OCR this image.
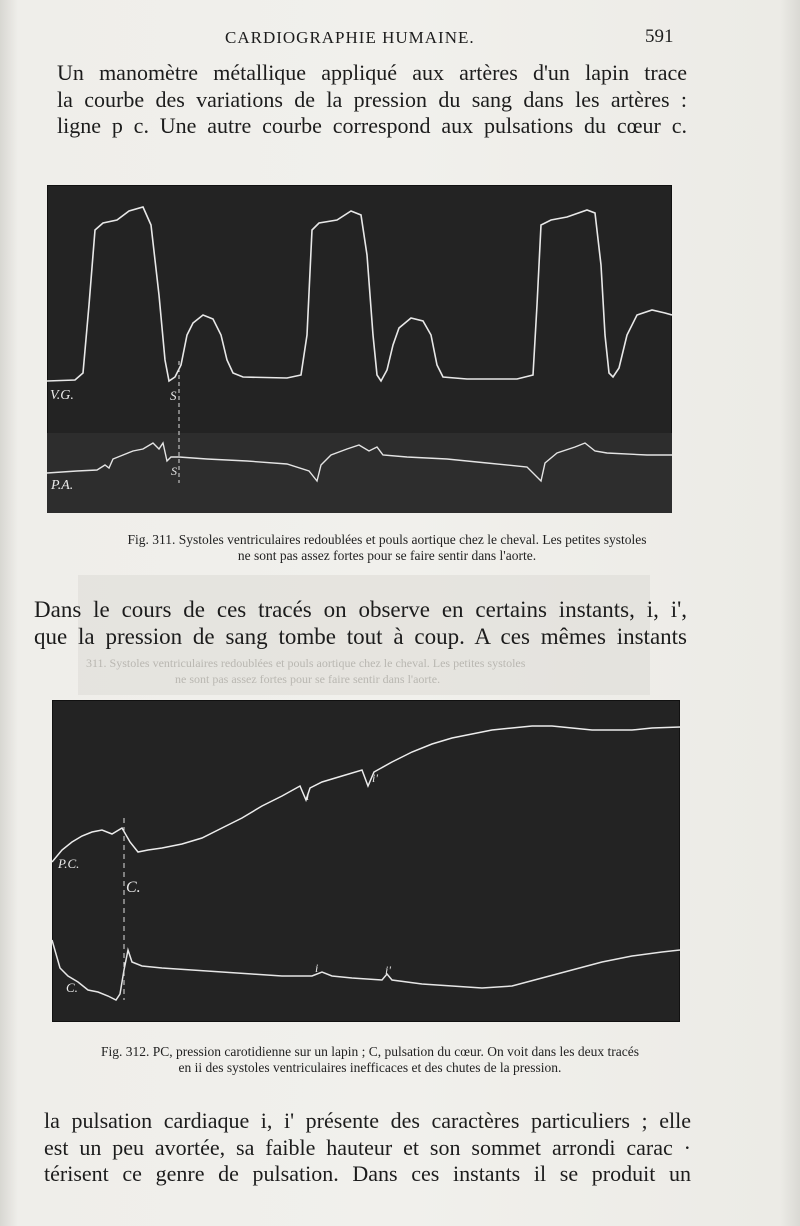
CARDIOGRAPHIE HUMAINE.	591

Un manomètre métallique appliqué aux artères d'un lapin trace
la courbe des variations de la pression du sang dans les artères :
ligne p c. Une autre courbe correspond aux pulsations du cœur c.

V.G.
P.A.
S
S
Fig. 311. Systoles ventriculaires redoublées et pouls aortique chez le cheval. Les petites systoles
ne sont pas assez fortes pour se faire sentir dans l'aorte.
311. Systoles ventriculaires redoublées et pouls aortique chez le cheval. Les petites systoles
ne sont pas assez fortes pour se faire sentir dans l'aorte.

Dans le cours de ces tracés on observe en certains instants, i, i',
que la pression de sang tombe tout à coup. A ces mêmes instants

P.C.
C.
C.
i
i'
i	i'
Fig. 312. PC, pression carotidienne sur un lapin ; C, pulsation du cœur. On voit dans les deux tracés
en ii des systoles ventriculaires inefficaces et des chutes de la pression.

la pulsation cardiaque i, i' présente des caractères particuliers ; elle
est un peu avortée, sa faible hauteur et son sommet arrondi carac ·
térisent ce genre de pulsation. Dans ces instants il se produit un
